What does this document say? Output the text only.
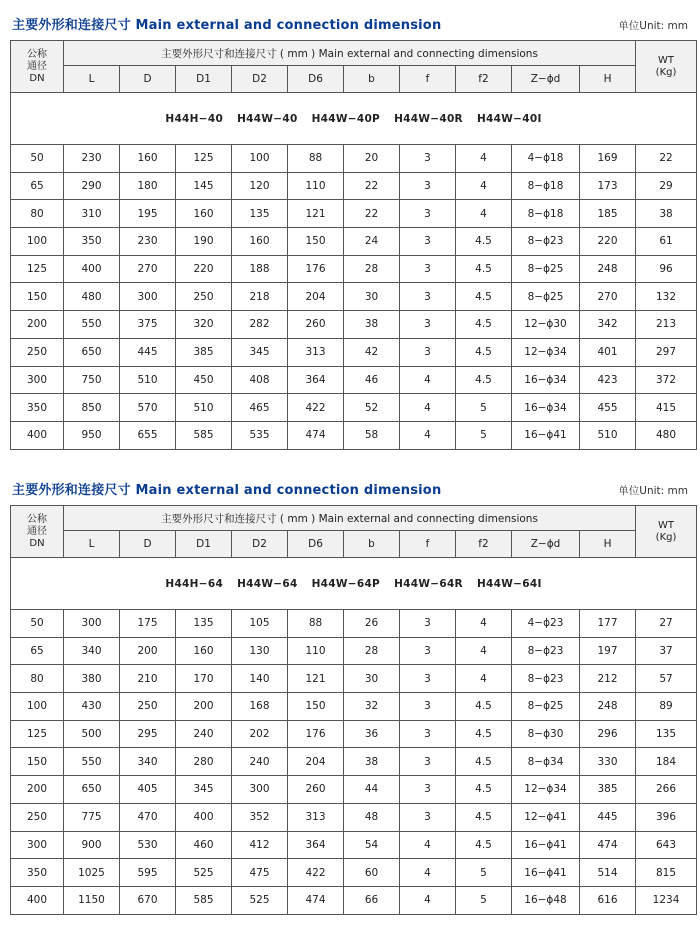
主要外形和连接尺寸 Main external and connection dimension	单位Unit: mm
公称
通径
DN	主要外形尺寸和连接尺寸 ( mm ) Main external and connecting dimensions										WT
(Kg)
	L	D	D1	D2	D6	b	f	f2	Z−ϕd	H	
H44H−40 H44W−40 H44W−40P H44W−40R H44W−40I											
50	230	160	125	100	88	20	3	4	4−ϕ18	169	22
65	290	180	145	120	110	22	3	4	8−ϕ18	173	29
80	310	195	160	135	121	22	3	4	8−ϕ18	185	38
100	350	230	190	160	150	24	3	4.5	8−ϕ23	220	61
125	400	270	220	188	176	28	3	4.5	8−ϕ25	248	96
150	480	300	250	218	204	30	3	4.5	8−ϕ25	270	132
200	550	375	320	282	260	38	3	4.5	12−ϕ30	342	213
250	650	445	385	345	313	42	3	4.5	12−ϕ34	401	297
300	750	510	450	408	364	46	4	4.5	16−ϕ34	423	372
350	850	570	510	465	422	52	4	5	16−ϕ34	455	415
400	950	655	585	535	474	58	4	5	16−ϕ41	510	480
主要外形和连接尺寸 Main external and connection dimension	单位Unit: mm
公称
通径
DN	主要外形尺寸和连接尺寸 ( mm ) Main external and connecting dimensions										WT
(Kg)
	L	D	D1	D2	D6	b	f	f2	Z−ϕd	H	
H44H−64 H44W−64 H44W−64P H44W−64R H44W−64I											
50	300	175	135	105	88	26	3	4	4−ϕ23	177	27
65	340	200	160	130	110	28	3	4	8−ϕ23	197	37
80	380	210	170	140	121	30	3	4	8−ϕ23	212	57
100	430	250	200	168	150	32	3	4.5	8−ϕ25	248	89
125	500	295	240	202	176	36	3	4.5	8−ϕ30	296	135
150	550	340	280	240	204	38	3	4.5	8−ϕ34	330	184
200	650	405	345	300	260	44	3	4.5	12−ϕ34	385	266
250	775	470	400	352	313	48	3	4.5	12−ϕ41	445	396
300	900	530	460	412	364	54	4	4.5	16−ϕ41	474	643
350	1025	595	525	475	422	60	4	5	16−ϕ41	514	815
400	1150	670	585	525	474	66	4	5	16−ϕ48	616	1234
